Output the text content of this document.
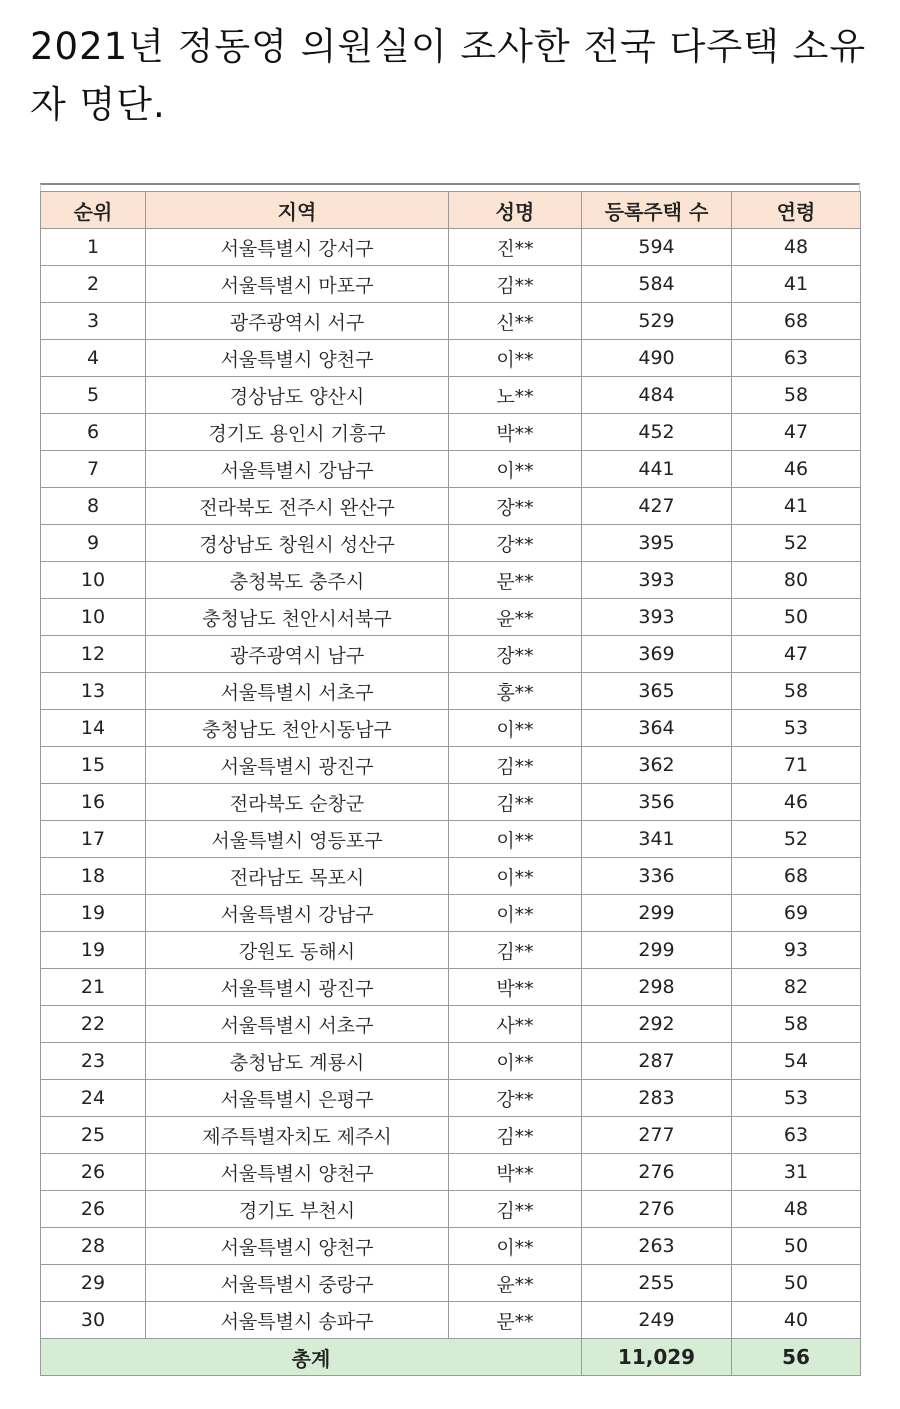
2021년 정동영 의원실이 조사한 전국 다주택 소유자 명단.
순위	지역	성명	등록주택 수	연령
1	서울특별시 강서구	진**	594	48
2	서울특별시 마포구	김**	584	41
3	광주광역시 서구	신**	529	68
4	서울특별시 양천구	이**	490	63
5	경상남도 양산시	노**	484	58
6	경기도 용인시 기흥구	박**	452	47
7	서울특별시 강남구	이**	441	46
8	전라북도 전주시 완산구	장**	427	41
9	경상남도 창원시 성산구	강**	395	52
10	충청북도 충주시	문**	393	80
10	충청남도 천안시서북구	윤**	393	50
12	광주광역시 남구	장**	369	47
13	서울특별시 서초구	홍**	365	58
14	충청남도 천안시동남구	이**	364	53
15	서울특별시 광진구	김**	362	71
16	전라북도 순창군	김**	356	46
17	서울특별시 영등포구	이**	341	52
18	전라남도 목포시	이**	336	68
19	서울특별시 강남구	이**	299	69
19	강원도 동해시	김**	299	93
21	서울특별시 광진구	박**	298	82
22	서울특별시 서초구	사**	292	58
23	충청남도 계룡시	이**	287	54
24	서울특별시 은평구	강**	283	53
25	제주특별자치도 제주시	김**	277	63
26	서울특별시 양천구	박**	276	31
26	경기도 부천시	김**	276	48
28	서울특별시 양천구	이**	263	50
29	서울특별시 중랑구	윤**	255	50
30	서울특별시 송파구	문**	249	40
총계			11,029	56
